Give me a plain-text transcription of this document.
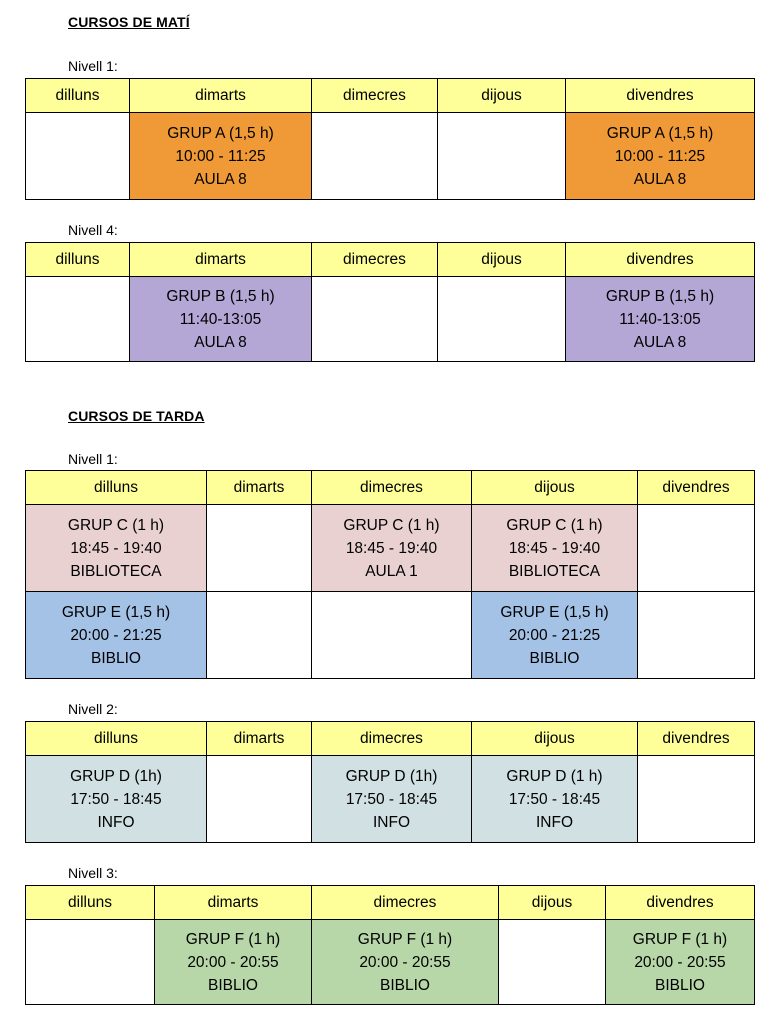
CURSOS DE MATÍ
Nivell 1:
dilluns	dimarts	dimecres	dijous	divendres

	GRUP A (1,5 h)
10:00 - 11:25
AULA 8			GRUP A (1,5 h)
10:00 - 11:25
AULA 8
Nivell 4:
dilluns	dimarts	dimecres	dijous	divendres

	GRUP B (1,5 h)
11:40-13:05
AULA 8			GRUP B (1,5 h)
11:40-13:05
AULA 8
CURSOS DE TARDA
Nivell 1:
dilluns	dimarts	dimecres	dijous	divendres

GRUP C (1 h)
18:45 - 19:40
BIBLIOTECA		GRUP C (1 h)
18:45 - 19:40
AULA 1	GRUP C (1 h)
18:45 - 19:40
BIBLIOTECA	

GRUP E (1,5 h)
20:00 - 21:25
BIBLIO			GRUP E (1,5 h)
20:00 - 21:25
BIBLIO	

Nivell 2:
dilluns	dimarts	dimecres	dijous	divendres

GRUP D (1h)
17:50 - 18:45
INFO		GRUP D (1h)
17:50 - 18:45
INFO	GRUP D (1 h)
17:50 - 18:45
INFO	

Nivell 3:
dilluns	dimarts	dimecres	dijous	divendres

	GRUP F (1 h)
20:00 - 20:55
BIBLIO	GRUP F (1 h)
20:00 - 20:55
BIBLIO		GRUP F (1 h)
20:00 - 20:55
BIBLIO
